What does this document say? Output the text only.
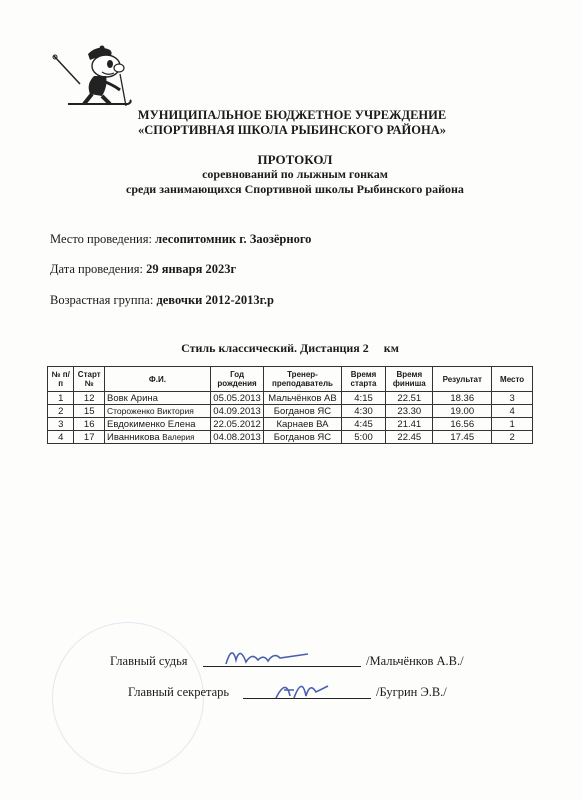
МУНИЦИПАЛЬНОЕ БЮДЖЕТНОЕ УЧРЕЖДЕНИЕ
«СПОРТИВНАЯ ШКОЛА РЫБИНСКОГО РАЙОНА»
ПРОТОКОЛ
соревнований по лыжным гонкам
среди занимающихся Спортивной школы Рыбинского района
Место проведения: лесопитомник г. Заозёрного
Дата проведения: 29 января 2023г
Возрастная группа: девочки 2012-2013г.р
Стиль классический. Дистанция 2     км
№ п/п	Старт №	Ф.И.	Год рождения	Тренер-преподаватель	Время старта	Время финиша	Результат	Место
1	12	Вовк Арина	05.05.2013	Мальчёнков АВ	4:15	22.51	18.36	3
2	15	Стороженко Виктория	04.09.2013	Богданов ЯС	4:30	23.30	19.00	4
3	16	Евдокименко Елена	22.05.2012	Карнаев ВА	4:45	21.41	16.56	1
4	17	Иванникова Валерия	04.08.2013	Богданов ЯС	5:00	22.45	17.45	2
Главный судья	/Мальчёнков А.В./
Главный секретарь	/Бугрин Э.В./
